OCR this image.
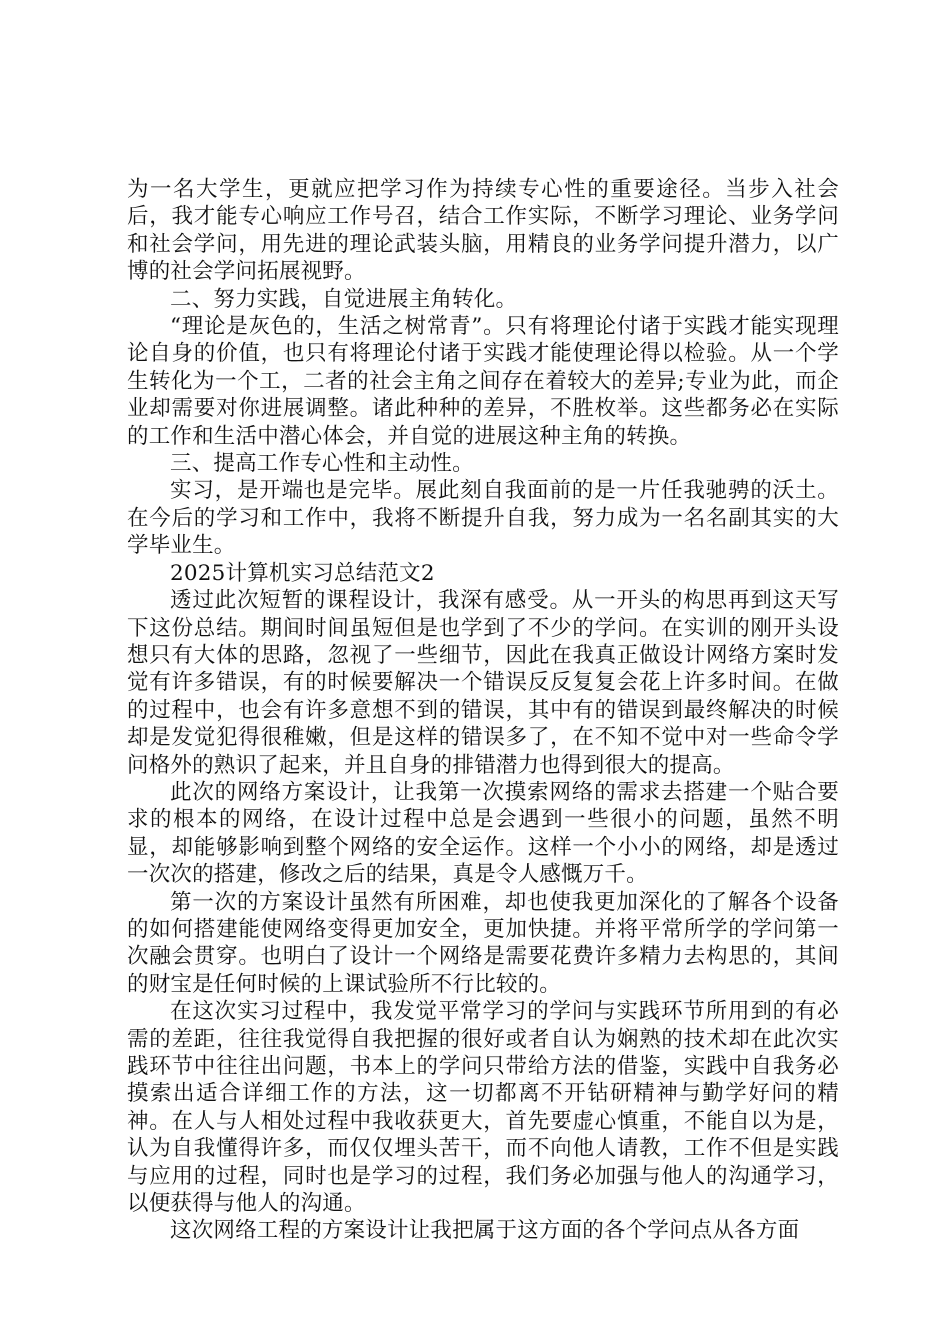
为一名大学生，更就应把学习作为持续专心性的重要途径。当步入社会后，我才能专心响应工作号召，结合工作实际，不断学习理论、业务学问和社会学问，用先进的理论武装头脑，用精良的业务学问提升潜力，以广博的社会学问拓展视野。

二、努力实践，自觉进展主角转化。

“理论是灰色的，生活之树常青”。只有将理论付诸于实践才能实现理论自身的价值，也只有将理论付诸于实践才能使理论得以检验。从一个学生转化为一个工，二者的社会主角之间存在着较大的差异;专业为此，而企业却需要对你进展调整。诸此种种的差异，不胜枚举。这些都务必在实际的工作和生活中潜心体会，并自觉的进展这种主角的转换。

三、提高工作专心性和主动性。

实习，是开端也是完毕。展此刻自我面前的是一片任我驰骋的沃土。在今后的学习和工作中，我将不断提升自我，努力成为一名名副其实的大学毕业生。

2025计算机实习总结范文2

透过此次短暂的课程设计，我深有感受。从一开头的构思再到这天写下这份总结。期间时间虽短但是也学到了不少的学问。在实训的刚开头设想只有大体的思路，忽视了一些细节，因此在我真正做设计网络方案时发觉有许多错误，有的时候要解决一个错误反反复复会花上许多时间。在做的过程中，也会有许多意想不到的错误，其中有的错误到最终解决的时候却是发觉犯得很稚嫩，但是这样的错误多了，在不知不觉中对一些命令学问格外的熟识了起来，并且自身的排错潜力也得到很大的提高。

此次的网络方案设计，让我第一次摸索网络的需求去搭建一个贴合要求的根本的网络，在设计过程中总是会遇到一些很小的问题，虽然不明显，却能够影响到整个网络的安全运作。这样一个小小的网络，却是透过一次次的搭建，修改之后的结果，真是令人感慨万千。

第一次的方案设计虽然有所困难，却也使我更加深化的了解各个设备的如何搭建能使网络变得更加安全，更加快捷。并将平常所学的学问第一次融会贯穿。也明白了设计一个网络是需要花费许多精力去构思的，其间的财宝是任何时候的上课试验所不行比较的。

在这次实习过程中，我发觉平常学习的学问与实践环节所用到的有必需的差距，往往我觉得自我把握的很好或者自认为娴熟的技术却在此次实践环节中往往出问题，书本上的学问只带给方法的借鉴，实践中自我务必摸索出适合详细工作的方法，这一切都离不开钻研精神与勤学好问的精神。在人与人相处过程中我收获更大，首先要虚心慎重，不能自以为是，认为自我懂得许多，而仅仅埋头苦干，而不向他人请教，工作不但是实践与应用的过程，同时也是学习的过程，我们务必加强与他人的沟通学习，以便获得与他人的沟通。

这次网络工程的方案设计让我把属于这方面的各个学问点从各方面
